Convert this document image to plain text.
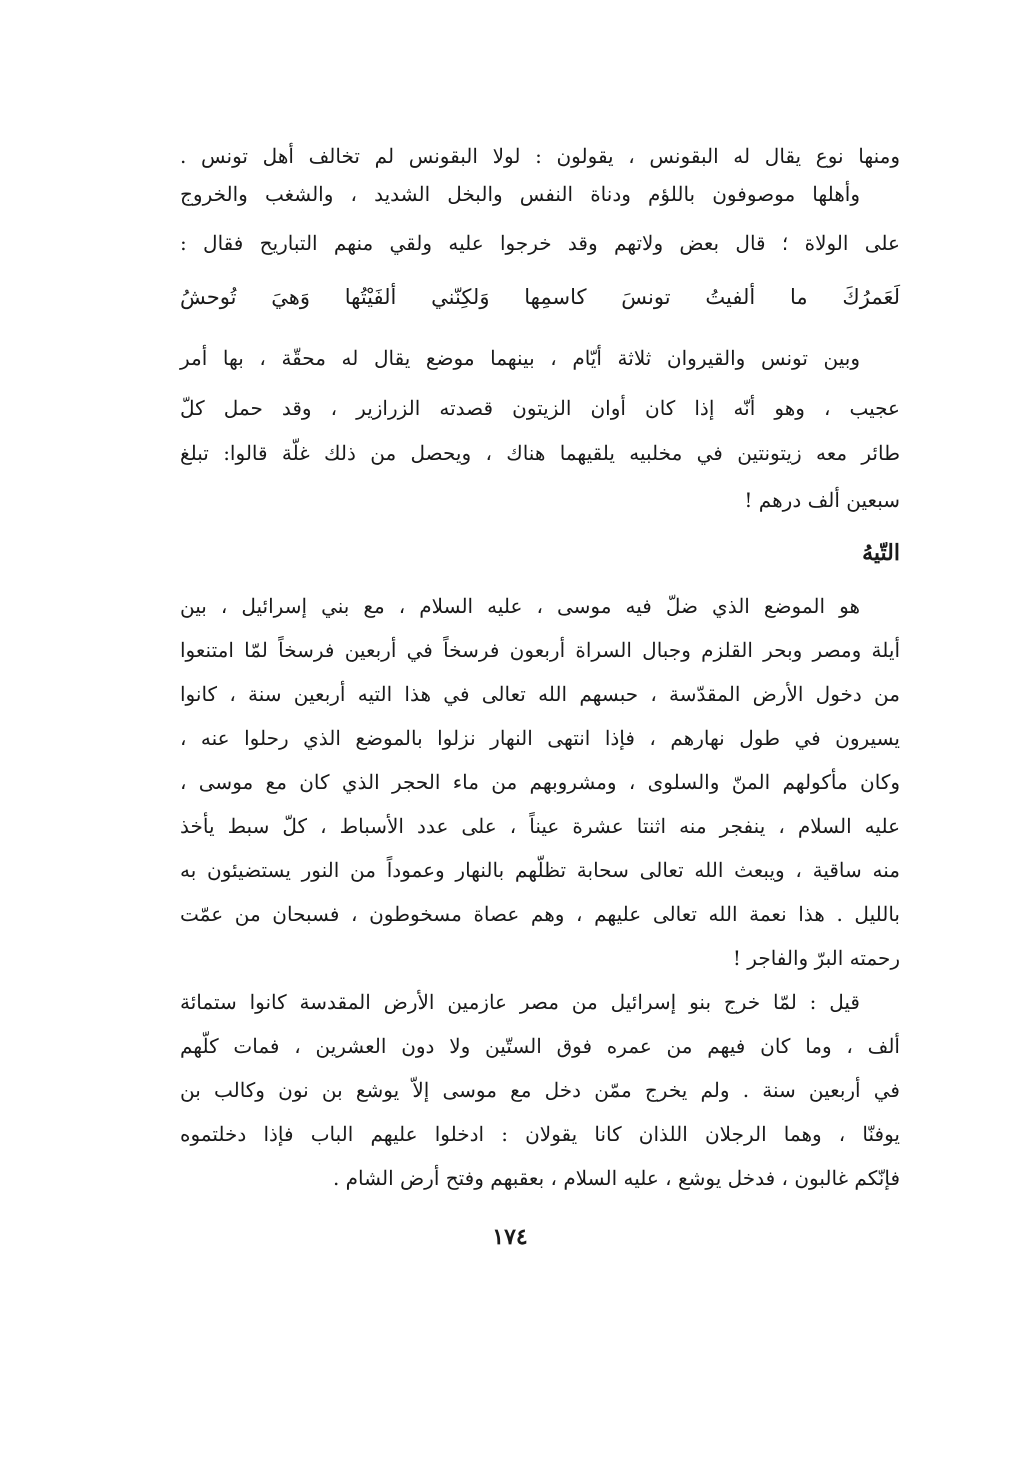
ومنها نوع يقال له البقونس ، يقولون : لولا البقونس لم تخالف أهل تونس .
وأهلها موصوفون باللؤم ودناة النفس والبخل الشديد ، والشغب والخروج
على الولاة ؛ قال بعض ولاتهم وقد خرجوا عليه ولقي منهم التباريح فقال :
لَعَمرُكَ ما ألفيتُ تونسَ كاسمِها وَلكِنّني ألفَيْتُها وَهيَ تُوحشُ
وبين تونس والقيروان ثلاثة أيّام ، بينهما موضع يقال له محقّة ، بها أمر
عجيب ، وهو أنّه إذا كان أوان الزيتون قصدته الزرازير ، وقد حمل كلّ
طائر معه زيتونتين في مخلبيه يلقيهما هناك ، ويحصل من ذلك غلّة قالوا: تبلغ
سبعين ألف درهم !
التّيهُ
هو الموضع الذي ضلّ فيه موسى ، عليه السلام ، مع بني إسرائيل ، بين
أيلة ومصر وبحر القلزم وجبال السراة أربعون فرسخاً في أربعين فرسخاً لمّا امتنعوا
من دخول الأرض المقدّسة ، حبسهم الله تعالى في هذا التيه أربعين سنة ، كانوا
يسيرون في طول نهارهم ، فإذا انتهى النهار نزلوا بالموضع الذي رحلوا عنه ،
وكان مأكولهم المنّ والسلوى ، ومشروبهم من ماء الحجر الذي كان مع موسى ،
عليه السلام ، ينفجر منه اثنتا عشرة عيناً ، على عدد الأسباط ، كلّ سبط يأخذ
منه ساقية ، ويبعث الله تعالى سحابة تظلّهم بالنهار وعموداً من النور يستضيئون به
بالليل . هذا نعمة الله تعالى عليهم ، وهم عصاة مسخوطون ، فسبحان من عمّت
رحمته البرّ والفاجر !
قيل : لمّا خرج بنو إسرائيل من مصر عازمين الأرض المقدسة كانوا ستمائة
ألف ، وما كان فيهم من عمره فوق الستّين ولا دون العشرين ، فمات كلّهم
في أربعين سنة . ولم يخرج ممّن دخل مع موسى إلاّ يوشع بن نون وكالب بن
يوفنّا ، وهما الرجلان اللذان كانا يقولان : ادخلوا عليهم الباب فإذا دخلتموه
فإنّكم غالبون ، فدخل يوشع ، عليه السلام ، بعقبهم وفتح أرض الشام .
١٧٤
